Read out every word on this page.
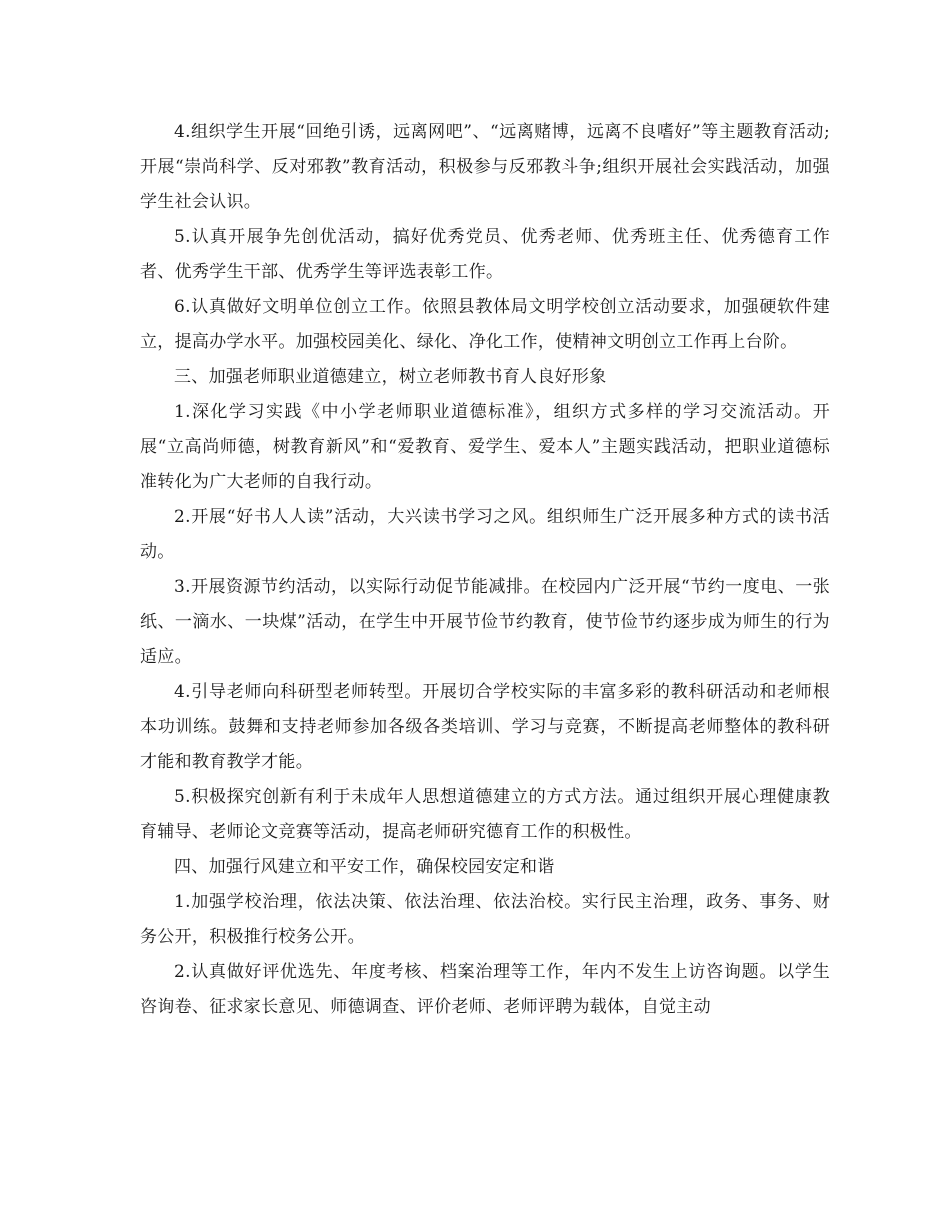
4.组织学生开展“回绝引诱，远离网吧”、“远离赌博，远离不良嗜好”等主题教育活动;开展“崇尚科学、反对邪教”教育活动，积极参与反邪教斗争;组织开展社会实践活动，加强学生社会认识。

5.认真开展争先创优活动，搞好优秀党员、优秀老师、优秀班主任、优秀德育工作者、优秀学生干部、优秀学生等评选表彰工作。

6.认真做好文明单位创立工作。依照县教体局文明学校创立活动要求，加强硬软件建立，提高办学水平。加强校园美化、绿化、净化工作，使精神文明创立工作再上台阶。

三、加强老师职业道德建立，树立老师教书育人良好形象

1.深化学习实践《中小学老师职业道德标准》，组织方式多样的学习交流活动。开展“立高尚师德，树教育新风”和“爱教育、爱学生、爱本人”主题实践活动，把职业道德标准转化为广大老师的自我行动。

2.开展“好书人人读”活动，大兴读书学习之风。组织师生广泛开展多种方式的读书活动。

3.开展资源节约活动，以实际行动促节能减排。在校园内广泛开展“节约一度电、一张纸、一滴水、一块煤”活动，在学生中开展节俭节约教育，使节俭节约逐步成为师生的行为适应。

4.引导老师向科研型老师转型。开展切合学校实际的丰富多彩的教科研活动和老师根本功训练。鼓舞和支持老师参加各级各类培训、学习与竞赛，不断提高老师整体的教科研才能和教育教学才能。

5.积极探究创新有利于未成年人思想道德建立的方式方法。通过组织开展心理健康教育辅导、老师论文竞赛等活动，提高老师研究德育工作的积极性。

四、加强行风建立和平安工作，确保校园安定和谐

1.加强学校治理，依法决策、依法治理、依法治校。实行民主治理，政务、事务、财务公开，积极推行校务公开。

2.认真做好评优选先、年度考核、档案治理等工作，年内不发生上访咨询题。以学生咨询卷、征求家长意见、师德调查、评价老师、老师评聘为载体，自觉主动
